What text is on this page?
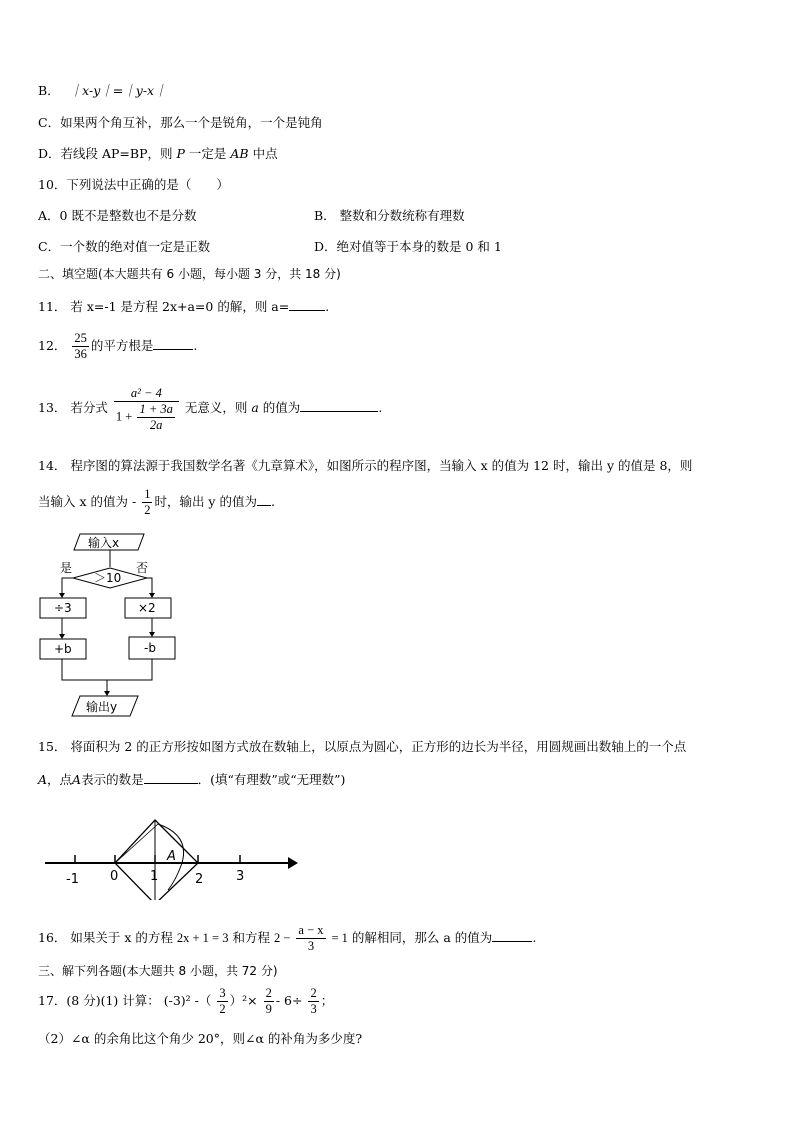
B． ｜x-y｜=｜y-x｜
C．如果两个角互补，那么一个是锐角，一个是钝角
D．若线段 AP=BP，则 P 一定是 AB 中点
10．下列说法中正确的是（　　）
A．0 既不是整数也不是分数	B． 整数和分数统称有理数
C．一个数的绝对值一定是正数	D．绝对值等于本身的数是 0 和 1
二、填空题(本大题共有 6 小题，每小题 3 分，共 18 分)
11． 若 x=-1 是方程 2x+a=0 的解，则 a=	.
12． $\frac{25}{36}$ 的平方根是	.
13． 若分式 $\frac{\text{a² − 4}}{1 + \frac{1 + 3a}{2a}}$ 无意义，则 a 的值为	.
14． 程序图的算法源于我国数学名著《九章算术》，如图所示的程序图，当输入 x 的值为 12 时，输出 y 的值是 8，则
当输入 x 的值为 - $\frac{1}{2}$ 时，输出 y 的值为 .
输入x
＞10
是	否
÷3
+b
×2
-b
输出y
15． 将面积为 2 的正方形按如图方式放在数轴上，以原点为圆心，正方形的边长为半径，用圆规画出数轴上的一个点
A，点A表示的数是	．(填“有理数”或“无理数”)
A
-1 0 1	2	3
16． 如果关于 x 的方程 2x + 1 = 3 和方程 $2 - \frac{a - x}{3} = 1$ 的解相同，那么 a 的值为	.
三、解下列各题(本大题共 8 小题，共 72 分)
17．(8 分)(1) 计算： (-3)² -（ $\frac{3}{2} )^2\times \frac{2}{9} - 6\div \frac{2}{3}$ ；
（2）∠α 的余角比这个角少 20°，则∠α 的补角为多少度?
